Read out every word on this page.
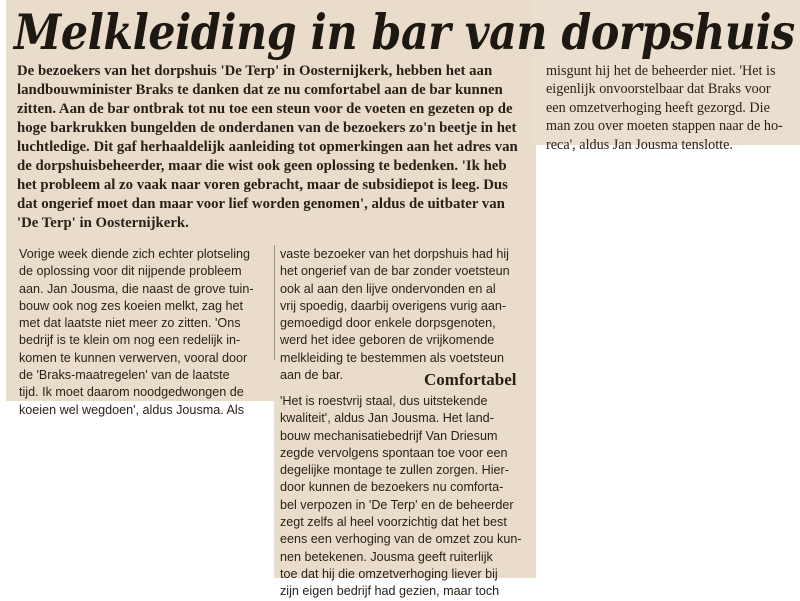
Melkleiding in bar van dorpshuis
De bezoekers van het dorpshuis 'De Terp' in Oosternijkerk, hebben het aan
landbouwminister Braks te danken dat ze nu comfortabel aan de bar kunnen
zitten. Aan de bar ontbrak tot nu toe een steun voor de voeten en gezeten op de
hoge barkrukken bungelden de onderdanen van de bezoekers zo'n beetje in het
luchtledige. Dit gaf herhaaldelijk aanleiding tot opmerkingen aan het adres van
de dorpshuisbeheerder, maar die wist ook geen oplossing te bedenken. 'Ik heb
het probleem al zo vaak naar voren gebracht, maar de subsidiepot is leeg. Dus
dat ongerief moet dan maar voor lief worden genomen', aldus de uitbater van
'De Terp' in Oosternijkerk.
misgunt hij het de beheerder niet. 'Het is
eigenlijk onvoorstelbaar dat Braks voor
een omzetverhoging heeft gezorgd. Die
man zou over moeten stappen naar de ho-
reca', aldus Jan Jousma tenslotte.
Vorige week diende zich echter plotseling
de oplossing voor dit nijpende probleem
aan. Jan Jousma, die naast de grove tuin-
bouw ook nog zes koeien melkt, zag het
met dat laatste niet meer zo zitten. 'Ons
bedrijf is te klein om nog een redelijk in-
komen te kunnen verwerven, vooral door
de 'Braks-maatregelen' van de laatste
tijd. Ik moet daarom noodgedwongen de
koeien wel wegdoen', aldus Jousma. Als
vaste bezoeker van het dorpshuis had hij
het ongerief van de bar zonder voetsteun
ook al aan den lijve ondervonden en al
vrij spoedig, daarbij overigens vurig aan-
gemoedigd door enkele dorpsgenoten,
werd het idee geboren de vrijkomende
melkleiding te bestemmen als voetsteun
aan de bar.	Comfortabel
'Het is roestvrij staal, dus uitstekende
kwaliteit', aldus Jan Jousma. Het land-
bouw mechanisatiebedrijf Van Driesum
zegde vervolgens spontaan toe voor een
degelijke montage te zullen zorgen. Hier-
door kunnen de bezoekers nu comforta-
bel verpozen in 'De Terp' en de beheerder
zegt zelfs al heel voorzichtig dat het best
eens een verhoging van de omzet zou kun-
nen betekenen. Jousma geeft ruiterlijk
toe dat hij die omzetverhoging liever bij
zijn eigen bedrijf had gezien, maar toch
